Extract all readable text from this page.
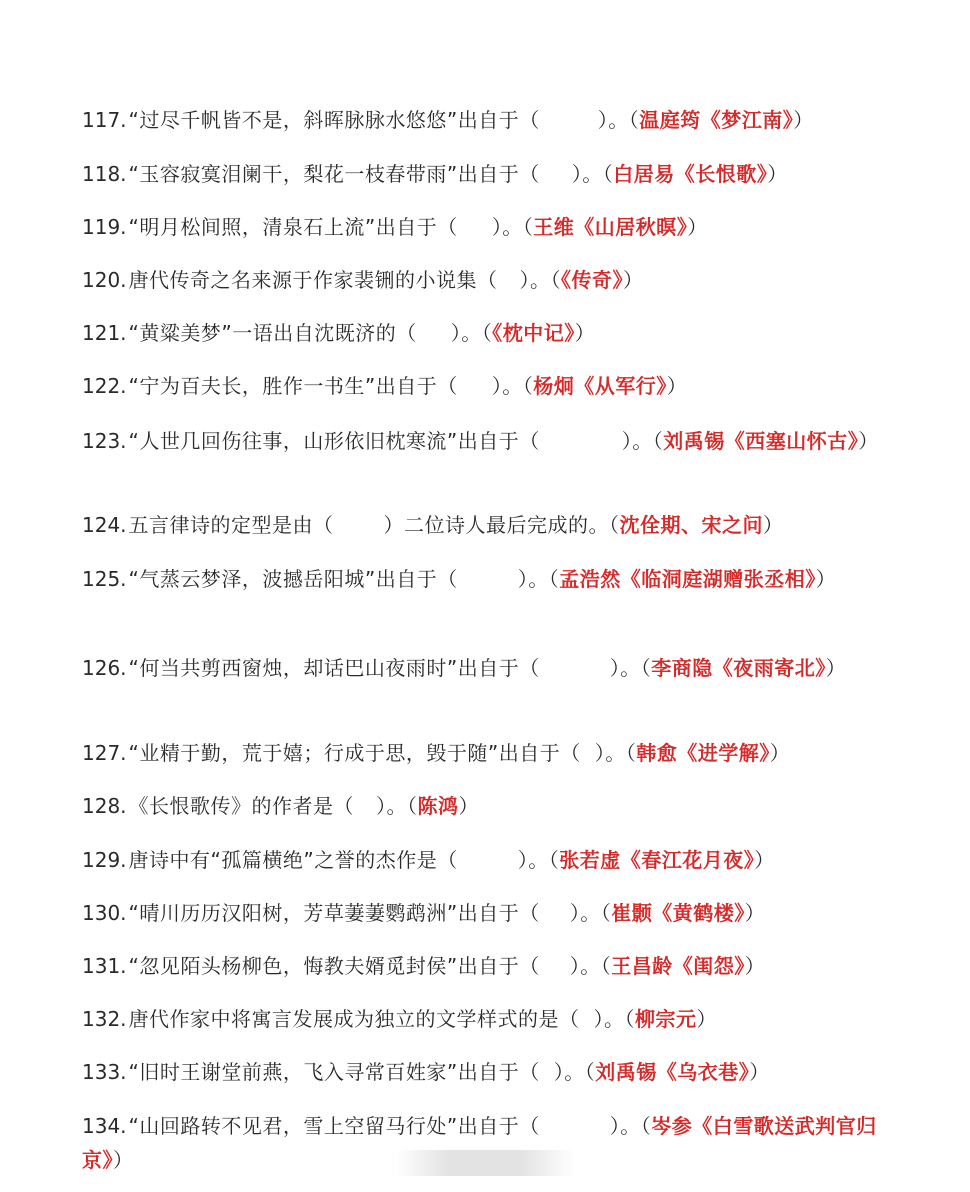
117. “过尽千帆皆不是，斜晖脉脉水悠悠”出自于（	）。（温庭筠《梦江南》）
118. “玉容寂寞泪阑干，梨花一枝春带雨”出自于（ ）。（白居易《长恨歌》）
119. “明月松间照，清泉石上流”出自于（ ）。（王维《山居秋暝》）
120. 唐代传奇之名来源于作家裴铏的小说集（ ）。（《传奇》）
121. “黄粱美梦”一语出自沈既济的（ ）。（《枕中记》）
122. “宁为百夫长，胜作一书生”出自于（ ）。（杨炯《从军行》）
123. “人世几回伤往事，山形依旧枕寒流”出自于（	）。（刘禹锡《西塞山怀古》）
124. 五言律诗的定型是由（	）二位诗人最后完成的。（沈佺期、宋之问）
125. “气蒸云梦泽，波撼岳阳城”出自于（	）。（孟浩然《临洞庭湖赠张丞相》）
126. “何当共剪西窗烛，却话巴山夜雨时”出自于（	）。（李商隐《夜雨寄北》）
127. “业精于勤，荒于嬉；行成于思，毁于随”出自于（ ）。（韩愈《进学解》）
128. 《长恨歌传》的作者是（ ）。（陈鸿）
129. 唐诗中有“孤篇横绝”之誉的杰作是（	）。（张若虚《春江花月夜》）
130. “晴川历历汉阳树，芳草萋萋鹦鹉洲”出自于（ ）。（崔颢《黄鹤楼》）
131. “忽见陌头杨柳色，悔教夫婿觅封侯”出自于（ ）。（王昌龄《闺怨》）
132. 唐代作家中将寓言发展成为独立的文学样式的是（ ）。（柳宗元）
133. “旧时王谢堂前燕，飞入寻常百姓家”出自于（ ）。（刘禹锡《乌衣巷》）
134. “山回路转不见君，雪上空留马行处”出自于（	）。（岑参《白雪歌送武判官归京》）
